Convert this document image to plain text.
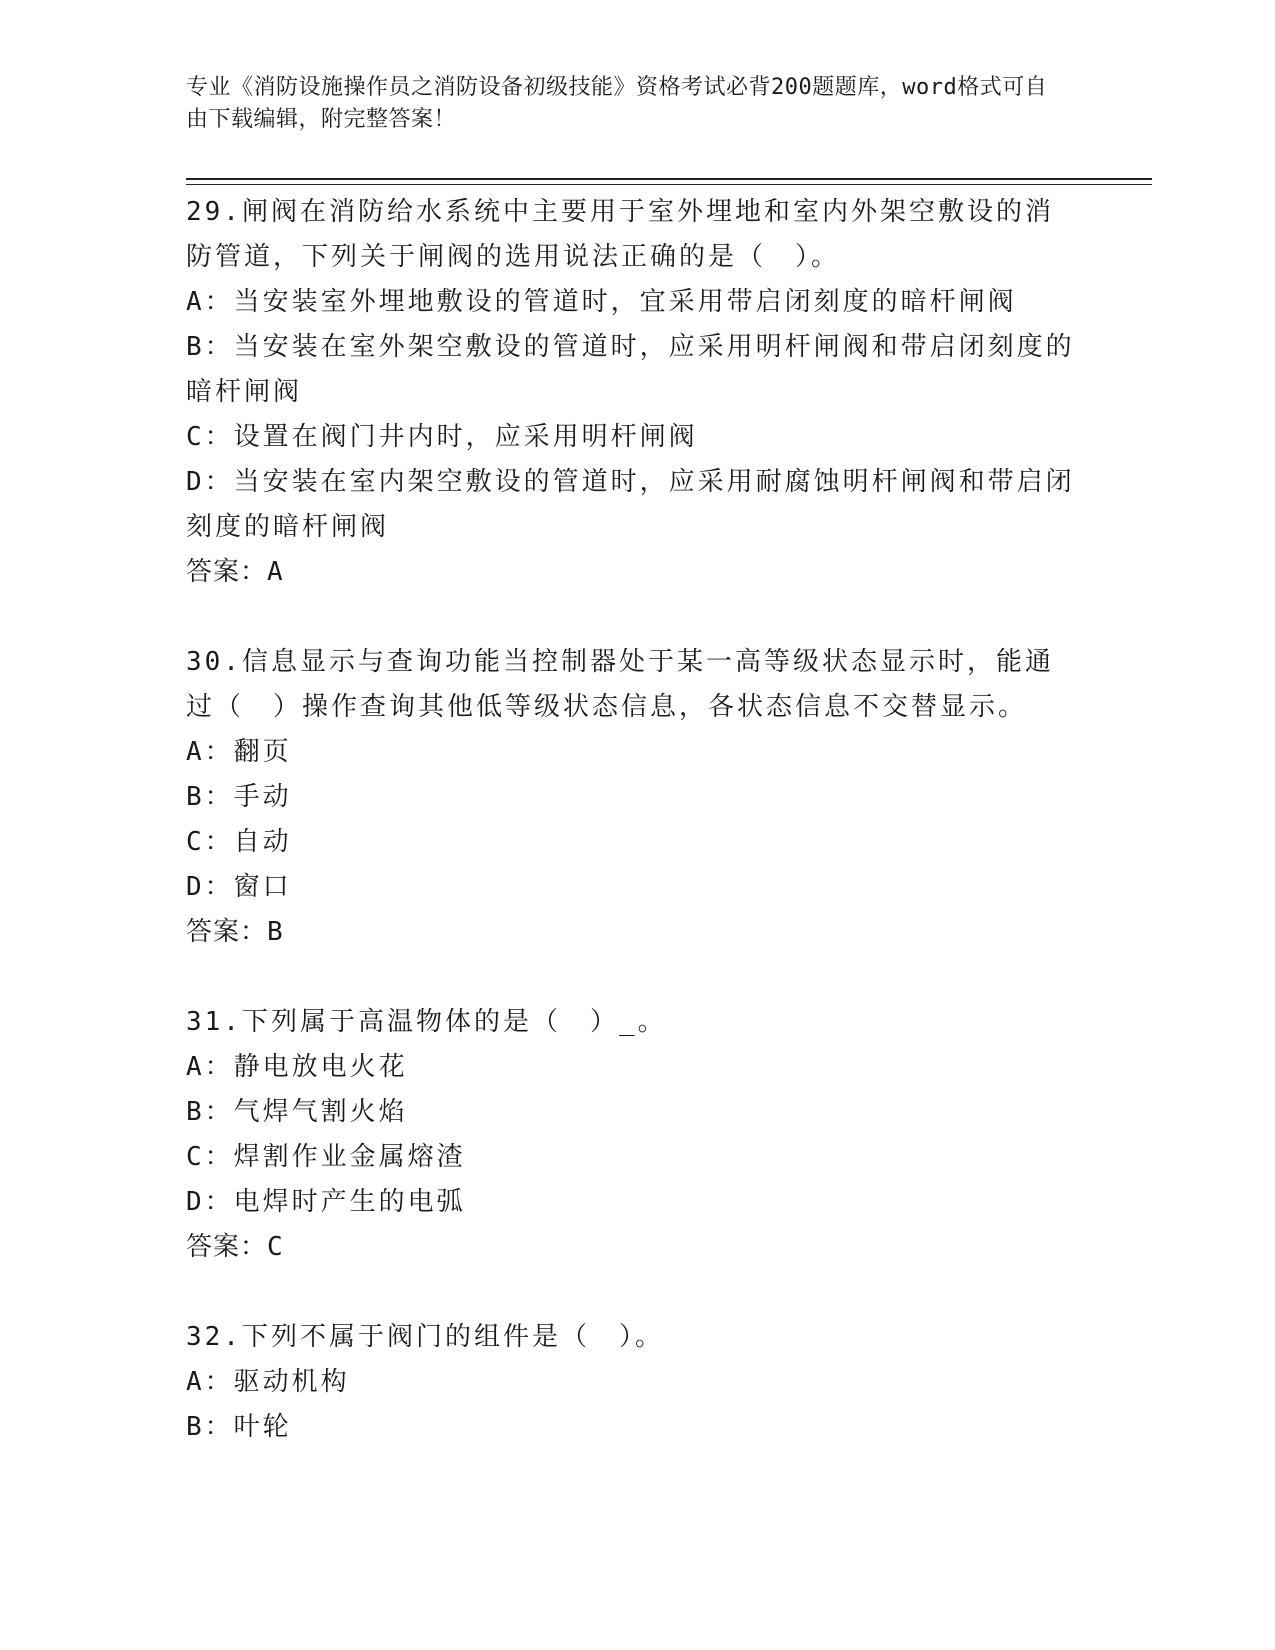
专业《消防设施操作员之消防设备初级技能》资格考试必背200题题库，word格式可自由下载编辑，附完整答案！

29.闸阀在消防给水系统中主要用于室外埋地和室内外架空敷设的消防管道，下列关于闸阀的选用说法正确的是（　）。

A：当安装室外埋地敷设的管道时，宜采用带启闭刻度的暗杆闸阀

B：当安装在室外架空敷设的管道时，应采用明杆闸阀和带启闭刻度的暗杆闸阀

C：设置在阀门井内时，应采用明杆闸阀

D：当安装在室内架空敷设的管道时，应采用耐腐蚀明杆闸阀和带启闭刻度的暗杆闸阀

答案：A

30.信息显示与查询功能当控制器处于某一高等级状态显示时，能通过（　）操作查询其他低等级状态信息，各状态信息不交替显示。

A：翻页

B：手动

C：自动

D：窗口

答案：B

31.下列属于高温物体的是（　）_。

A：静电放电火花

B：气焊气割火焰

C：焊割作业金属熔渣

D：电焊时产生的电弧

答案：C

32.下列不属于阀门的组件是（　）。

A：驱动机构

B：叶轮
